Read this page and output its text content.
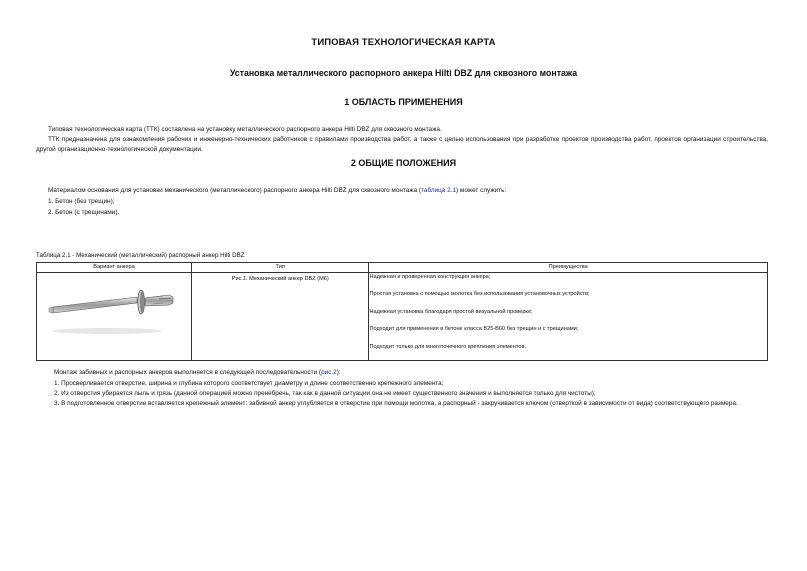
ТИПОВАЯ ТЕХНОЛОГИЧЕСКАЯ КАРТА
Установка металлического распорного анкера Hilti DBZ для сквозного монтажа
1 ОБЛАСТЬ ПРИМЕНЕНИЯ

Типовая технологическая карта (ТТК) составлена на установку металлического распорного анкера Hilti DBZ для сквозного монтажа.

ТТК предназначена для ознакомления рабочих и инженерно-технических работников с правилами производства работ, а также с целью использования при разработке проектов производства работ, проектов организации строительства, другой организационно-технологической документации.

2 ОБЩИЕ ПОЛОЖЕНИЯ
Материалом основания для установки механического (металлического) распорного анкера Hilti DBZ для сквозного монтажа (таблица 2.1) может служить:
1. Бетон (без трещин);
2. Бетон (с трещинами).
Таблица 2.1 - Механический (металлический) распорный анкер Hilti DBZ
Вариант анкера	Тип	Преимущества
	Рис.1. Механический анкер DBZ (М6)	Надежная и проверенная конструкция анкера;
Простая установка с помощью молотка без использования установочных устройств;
Надежная установка благодаря простой визуальной проверке;
Подходит для применения в бетоне класса В25-В60 без трещин и с трещинами;
Подходит только для многоточечного крепления элементов.
Монтаж забивных и распорных анкеров выполняется в следующей последовательности (рис.2):

1. Просверливается отверстие, ширина и глубина которого соответствует диаметру и длине соответственно крепежного элемента;

2. Из отверстия убирается пыль и грязь (данной операцией можно пренебречь, так как в данной ситуации она не имеет существенного значения и выполняется только для чистоты);

3. В подготовленное отверстие вставляется крепежный элемент: забивной анкер углубляется в отверстие при помощи молотка, а распорный - закручивается ключом (отверткой в зависимости от вида) соответствующего размера.
